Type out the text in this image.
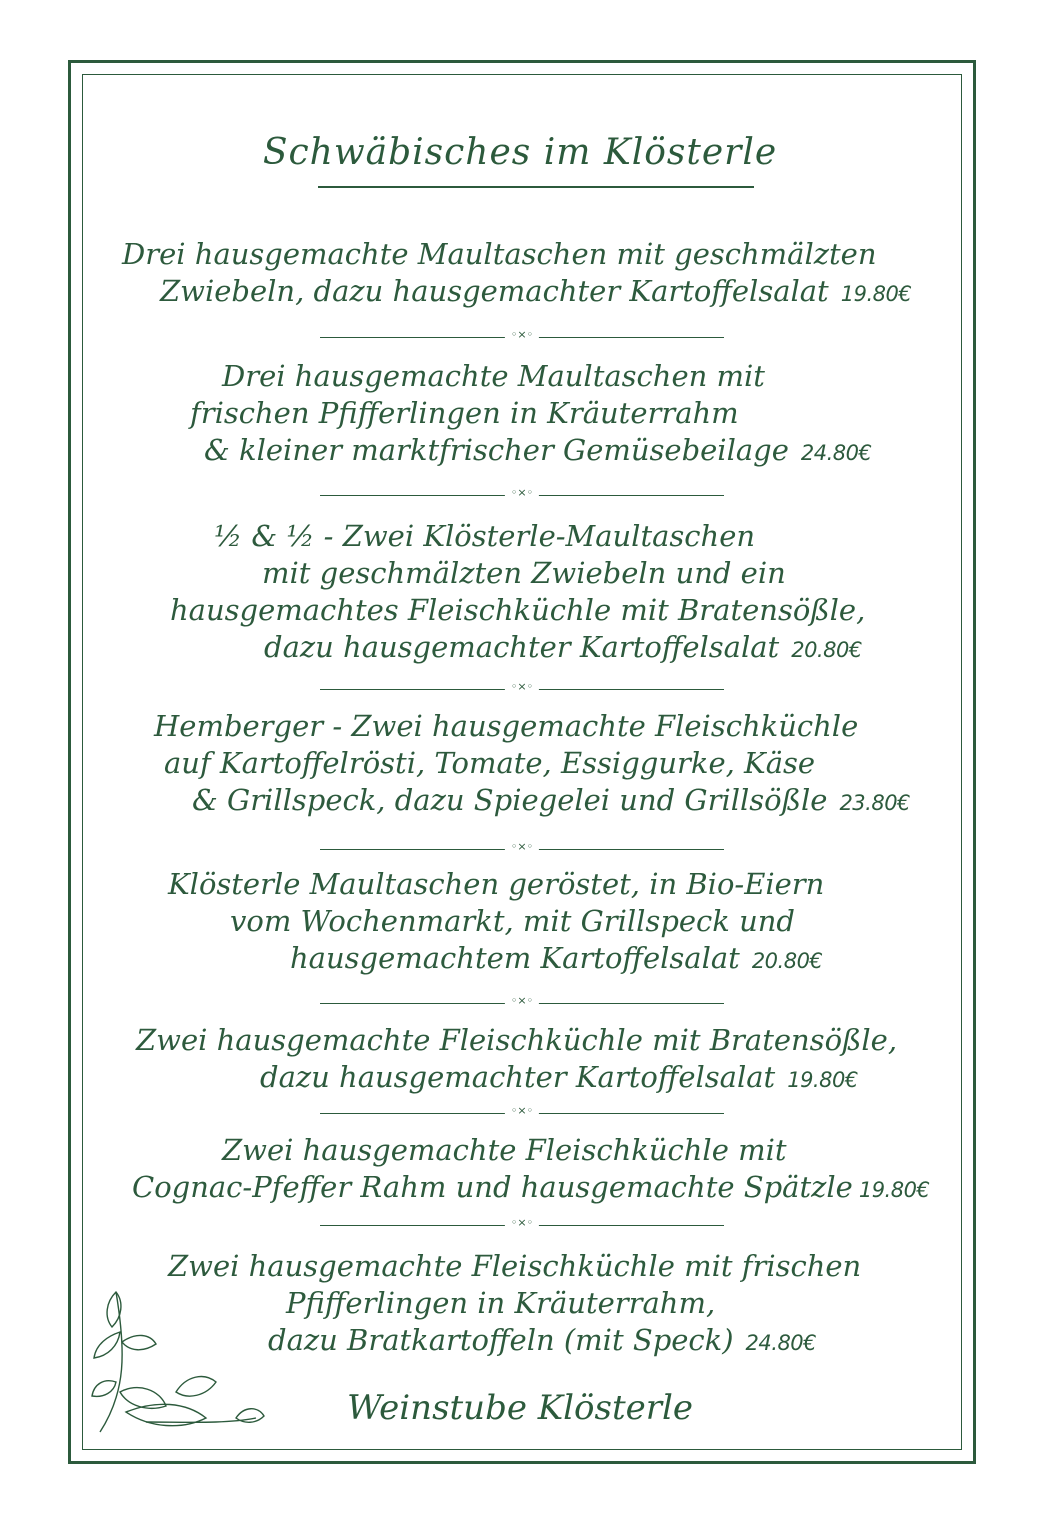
Schwäbisches im Klösterle
Drei hausgemachte Maultaschen mit geschmälzten
Zwiebeln, dazu hausgemachter Kartoffelsalat 19.80€
◦×◦
Drei hausgemachte Maultaschen mit
frischen Pfifferlingen in Kräuterrahm
& kleiner marktfrischer Gemüsebeilage 24.80€
◦×◦
½ & ½ - Zwei Klösterle-Maultaschen
mit geschmälzten Zwiebeln und ein
hausgemachtes Fleischküchle mit Bratensößle,
dazu hausgemachter Kartoffelsalat 20.80€
◦×◦
Hemberger - Zwei hausgemachte Fleischküchle
auf Kartoffelrösti, Tomate, Essiggurke, Käse
& Grillspeck, dazu Spiegelei und Grillsößle 23.80€
◦×◦
Klösterle Maultaschen geröstet, in Bio-Eiern
vom Wochenmarkt, mit Grillspeck und
hausgemachtem Kartoffelsalat 20.80€
◦×◦
Zwei hausgemachte Fleischküchle mit Bratensößle,
dazu hausgemachter Kartoffelsalat 19.80€
◦×◦
Zwei hausgemachte Fleischküchle mit
Cognac-Pfeffer Rahm und hausgemachte Spätzle 19.80€
◦×◦
Zwei hausgemachte Fleischküchle mit frischen
Pfifferlingen in Kräuterrahm,
dazu Bratkartoffeln (mit Speck) 24.80€
Weinstube Klösterle
